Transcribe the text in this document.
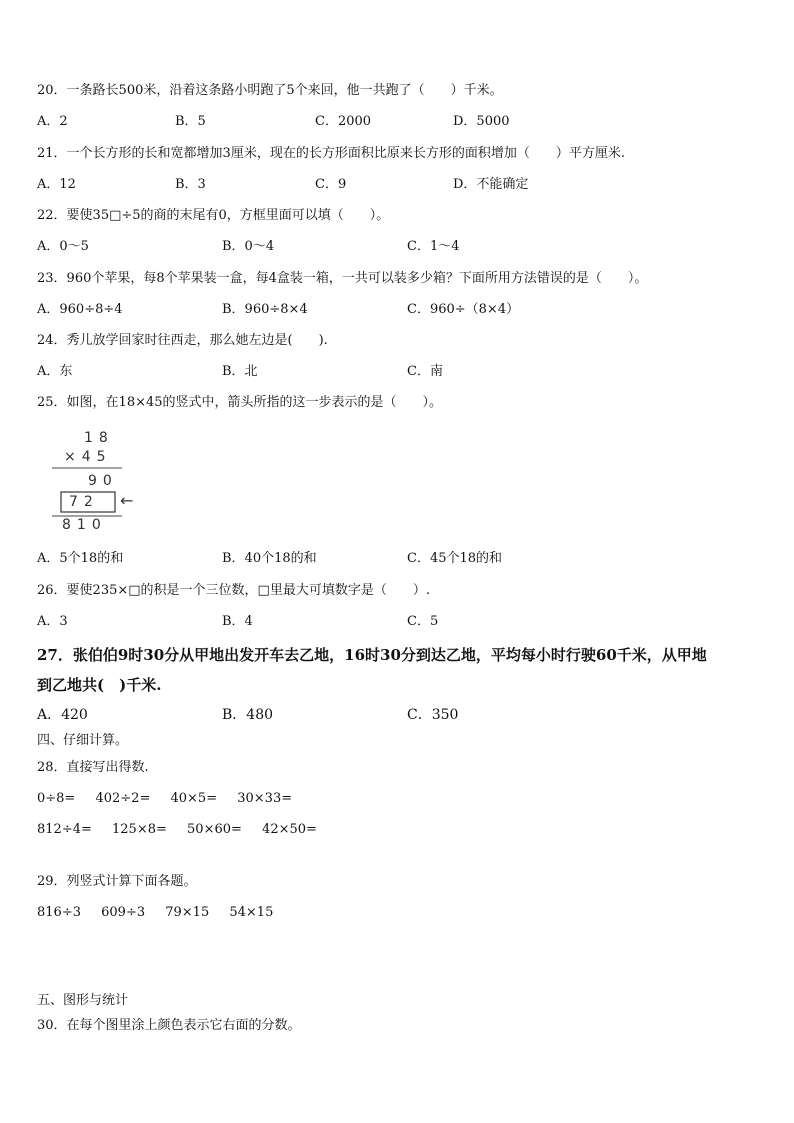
20．一条路长500米，沿着这条路小明跑了5个来回，他一共跑了（　　）千米。
A．2	B．5	C．2000	D．5000
21．一个长方形的长和宽都增加3厘米，现在的长方形面积比原来长方形的面积增加（　　）平方厘米.
A．12	B．3	C．9	D．不能确定
22．要使35□÷5的商的末尾有0，方框里面可以填（　　）。
A．0～5	B．0～4	C．1～4
23．960个苹果，每8个苹果装一盒，每4盒装一箱，一共可以装多少箱？下面所用方法错误的是（　　）。
A．960÷8÷4	B．960÷8×4	C．960÷（8×4）
24．秀儿放学回家时往西走，那么她左边是(　　).
A．东	B．北	C．南
25．如图，在18×45的竖式中，箭头所指的这一步表示的是（　　）。
18
×45
90
72 ←
810
A．5个18的和	B．40个18的和	C．45个18的和
26．要使235×□的积是一个三位数，□里最大可填数字是（　　）.
A．3	B．4	C．5
27．张伯伯9时30分从甲地出发开车去乙地，16时30分到达乙地，平均每小时行驶60千米，从甲地
到乙地共(　)千米.
A．420	B．480	C．350
四、仔细计算。
28．直接写出得数.
0÷8= 402÷2= 40×5= 30×33=
812÷4= 125×8= 50×60= 42×50=
29．列竖式计算下面各题。
816÷3 609÷3 79×15 54×15
五、图形与统计
30．在每个图里涂上颜色表示它右面的分数。
